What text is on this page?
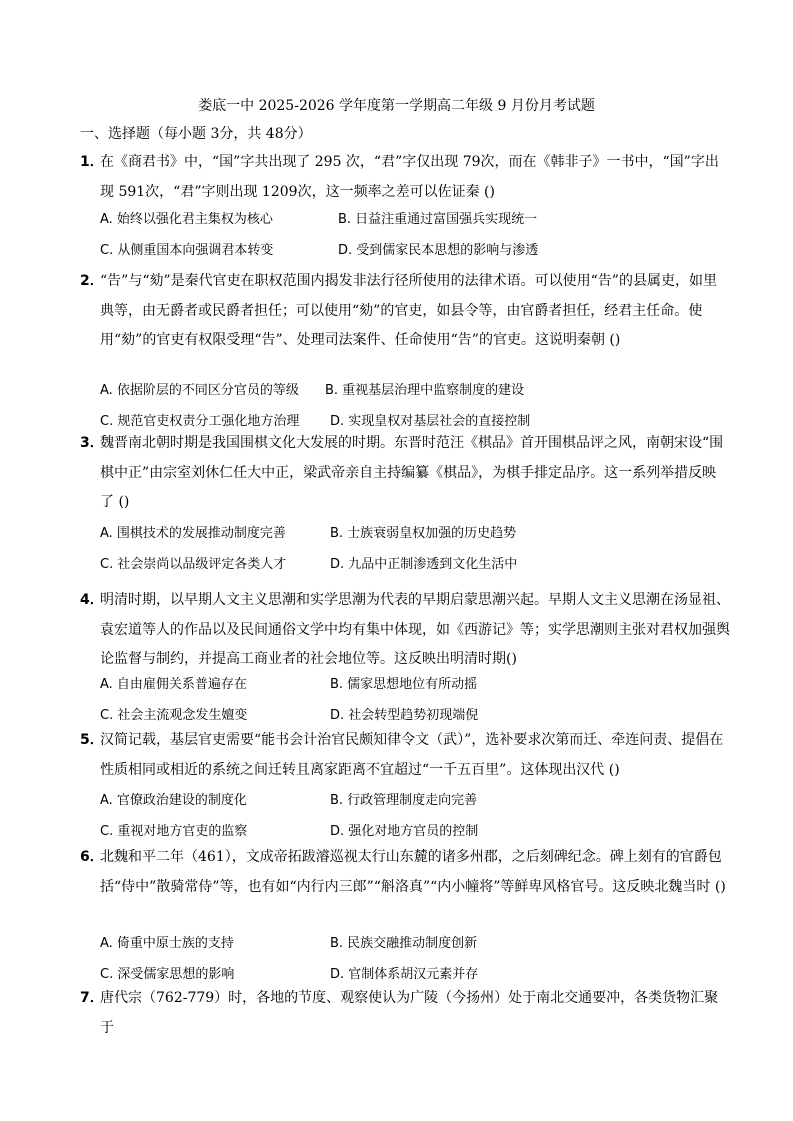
娄底一中 2025-2026 学年度第一学期高二年级 9 月份月考试题
一、选择题（每小题 3分，共 48分）
1．
在《商君书》中，“国”字共出现了 295 次，“君”字仅出现 79次，而在《韩非子》一书中，“国”字出现 591次，“君”字则出现 1209次，这一频率之差可以佐证秦 ()
A. 始终以强化君主集权为核心	B. 日益注重通过富国强兵实现统一
C. 从侧重国本向强调君本转变	D. 受到儒家民本思想的影响与渗透
2．
“告”与“劾”是秦代官吏在职权范围内揭发非法行径所使用的法律术语。可以使用“告”的县属吏，如里典等，由无爵者或民爵者担任；可以使用“劾”的官吏，如县令等，由官爵者担任，经君主任命。使用“劾”的官吏有权限受理“告”、处理司法案件、任命使用“告”的官吏。这说明秦朝 ()
A. 依据阶层的不同区分官员的等级 B. 重视基层治理中监察制度的建设
C. 规范官吏权责分工强化地方治理 D. 实现皇权对基层社会的直接控制
3．
魏晋南北朝时期是我国围棋文化大发展的时期。东晋时范汪《棋品》首开围棋品评之风，南朝宋设“围棋中正”由宗室刘休仁任大中正，梁武帝亲自主持编纂《棋品》，为棋手排定品序。这一系列举措反映了 ()
A. 围棋技术的发展推动制度完善	B. 士族衰弱皇权加强的历史趋势
C. 社会崇尚以品级评定各类人才	D. 九品中正制渗透到文化生活中
4．
明清时期，以早期人文主义思潮和实学思潮为代表的早期启蒙思潮兴起。早期人文主义思潮在汤显祖、袁宏道等人的作品以及民间通俗文学中均有集中体现，如《西游记》等；实学思潮则主张对君权加强舆论监督与制约，并提高工商业者的社会地位等。这反映出明清时期()
A. 自由雇佣关系普遍存在	B. 儒家思想地位有所动摇
C. 社会主流观念发生嬗变	D. 社会转型趋势初现端倪
5．
汉简记载，基层官吏需要“能书会计治官民颇知律令文（武）”，选补要求次第而迁、牵连问责、提倡在性质相同或相近的系统之间迁转且离家距离不宜超过“一千五百里”。这体现出汉代 ()
A. 官僚政治建设的制度化	B. 行政管理制度走向完善
C. 重视对地方官吏的监察	D. 强化对地方官员的控制
6．
北魏和平二年（461），文成帝拓跋濬巡视太行山东麓的诸多州郡，之后刻碑纪念。碑上刻有的官爵包括“侍中”散骑常侍”等，也有如“内行内三郎”“斛洛真”“内小幢将”等鲜卑风格官号。这反映北魏当时 ()
A. 倚重中原士族的支持	B. 民族交融推动制度创新
C. 深受儒家思想的影响	D. 官制体系胡汉元素并存
7．
唐代宗（762-779）时，各地的节度、观察使认为广陵（今扬州）处于南北交通要冲，各类货物汇聚于
